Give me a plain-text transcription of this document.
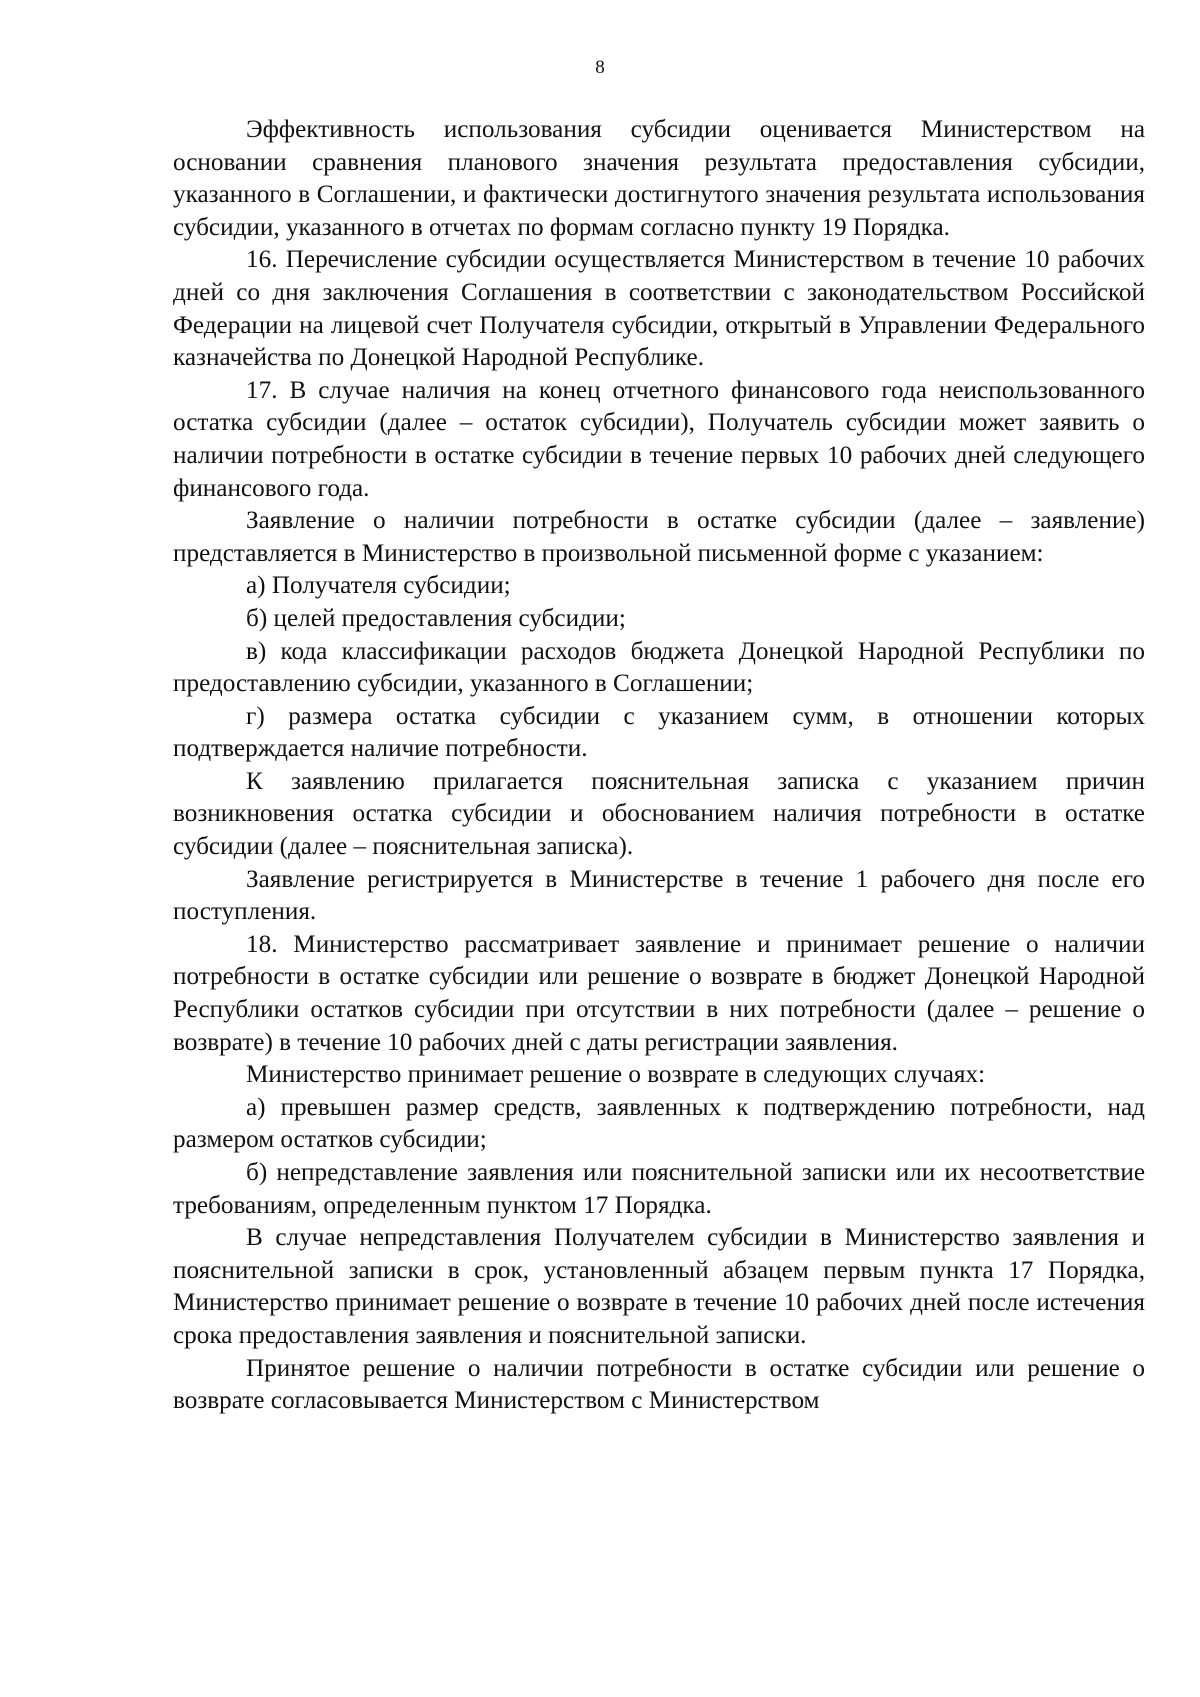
8

Эффективность использования субсидии оценивается Министерством на основании сравнения планового значения результата предоставления субсидии, указанного в Соглашении, и фактически достигнутого значения результата использования субсидии, указанного в отчетах по формам согласно пункту 19 Порядка.

16. Перечисление субсидии осуществляется Министерством в течение 10 рабочих дней со дня заключения Соглашения в соответствии с законодательством Российской Федерации на лицевой счет Получателя субсидии, открытый в Управлении Федерального казначейства по Донецкой Народной Республике.

17. В случае наличия на конец отчетного финансового года неиспользованного остатка субсидии (далее – остаток субсидии), Получатель субсидии может заявить о наличии потребности в остатке субсидии в течение первых 10 рабочих дней следующего финансового года.

Заявление о наличии потребности в остатке субсидии (далее – заявление) представляется в Министерство в произвольной письменной форме с указанием:

а) Получателя субсидии;

б) целей предоставления субсидии;

в) кода классификации расходов бюджета Донецкой Народной Республики по предоставлению субсидии, указанного в Соглашении;

г) размера остатка субсидии с указанием сумм, в отношении которых подтверждается наличие потребности.

К заявлению прилагается пояснительная записка с указанием причин возникновения остатка субсидии и обоснованием наличия потребности в остатке субсидии (далее – пояснительная записка).

Заявление регистрируется в Министерстве в течение 1 рабочего дня после его поступления.

18. Министерство рассматривает заявление и принимает решение о наличии потребности в остатке субсидии или решение о возврате в бюджет Донецкой Народной Республики остатков субсидии при отсутствии в них потребности (далее – решение о возврате) в течение 10 рабочих дней с даты регистрации заявления.

Министерство принимает решение о возврате в следующих случаях:

а) превышен размер средств, заявленных к подтверждению потребности, над размером остатков субсидии;

б) непредставление заявления или пояснительной записки или их несоответствие требованиям, определенным пунктом 17 Порядка.

В случае непредставления Получателем субсидии в Министерство заявления и пояснительной записки в срок, установленный абзацем первым пункта 17 Порядка, Министерство принимает решение о возврате в течение 10 рабочих дней после истечения срока предоставления заявления и пояснительной записки.

Принятое решение о наличии потребности в остатке субсидии или решение о возврате согласовывается Министерством с Министерством
